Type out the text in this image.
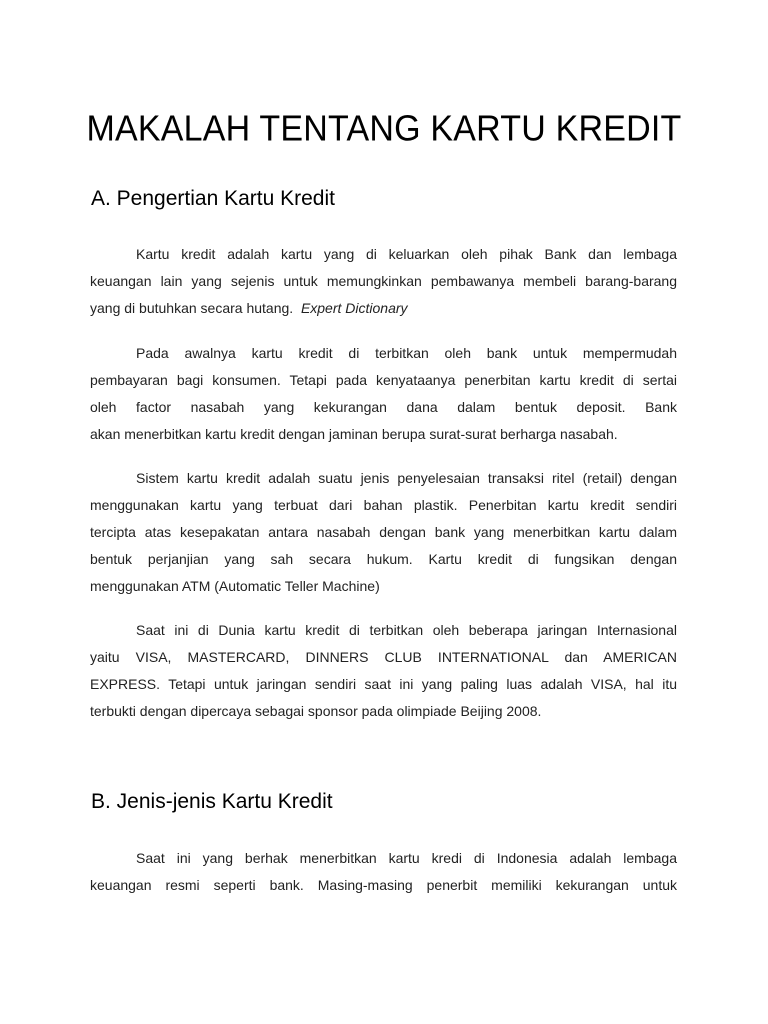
MAKALAH TENTANG KARTU KREDIT
A. Pengertian Kartu Kredit

Kartu kredit adalah kartu yang di keluarkan oleh pihak Bank dan lembaga
keuangan lain yang sejenis untuk memungkinkan pembawanya membeli barang-barang
yang di butuhkan secara hutang. Expert Dictionary

Pada awalnya kartu kredit di terbitkan oleh bank untuk mempermudah
pembayaran bagi konsumen. Tetapi pada kenyataanya penerbitan kartu kredit di sertai
oleh factor nasabah yang kekurangan dana dalam bentuk deposit. Bank
akan menerbitkan kartu kredit dengan jaminan berupa surat-surat berharga nasabah.

Sistem kartu kredit adalah suatu jenis penyelesaian transaksi ritel (retail) dengan
menggunakan kartu yang terbuat dari bahan plastik. Penerbitan kartu kredit sendiri
tercipta atas kesepakatan antara nasabah dengan bank yang menerbitkan kartu dalam
bentuk perjanjian yang sah secara hukum. Kartu kredit di fungsikan dengan
menggunakan ATM (Automatic Teller Machine)

Saat ini di Dunia kartu kredit di terbitkan oleh beberapa jaringan Internasional
yaitu VISA, MASTERCARD, DINNERS CLUB INTERNATIONAL dan AMERICAN
EXPRESS. Tetapi untuk jaringan sendiri saat ini yang paling luas adalah VISA, hal itu
terbukti dengan dipercaya sebagai sponsor pada olimpiade Beijing 2008.

B. Jenis-jenis Kartu Kredit

Saat ini yang berhak menerbitkan kartu kredi di Indonesia adalah lembaga
keuangan resmi seperti bank. Masing-masing penerbit memiliki kekurangan untuk
